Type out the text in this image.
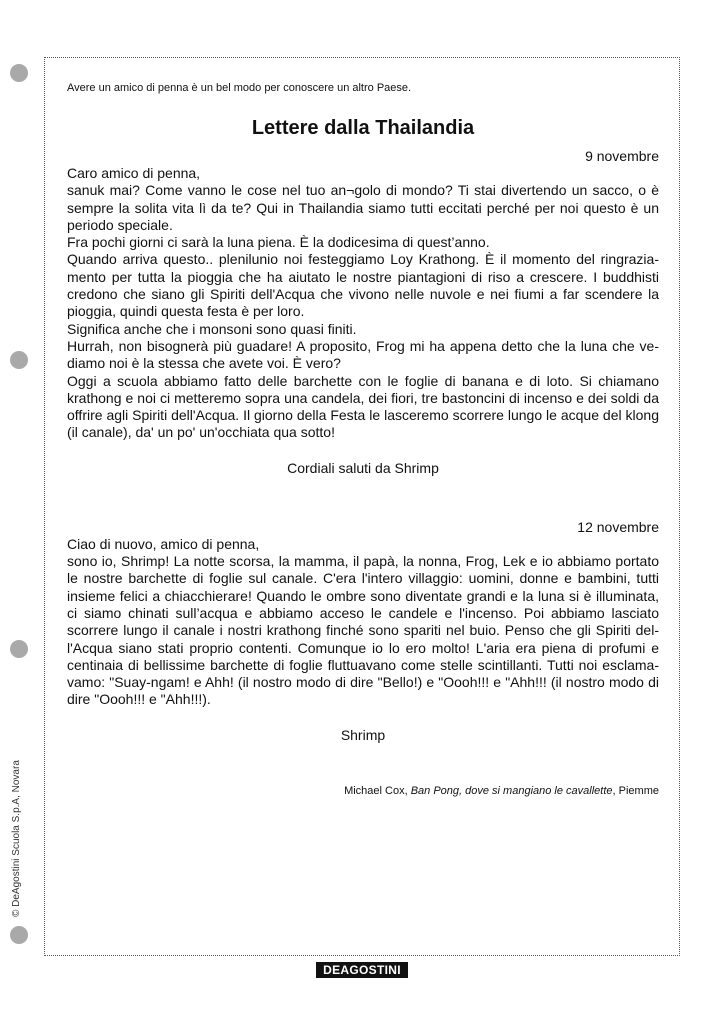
© DeAgostini Scuola S.p.A, Novara

Avere un amico di penna è un bel modo per conoscere un altro Paese.

Lettere dalla Thailandia
9 novembre

Caro amico di penna,

sanuk mai? Come vanno le cose nel tuo an¬golo di mondo? Ti stai divertendo un sacco, o è sempre la solita vita lì da te? Qui in Thailandia siamo tutti eccitati perché per noi questo è un periodo speciale.

Fra pochi giorni ci sarà la luna piena. È la dodicesima di quest’anno.

Quando arriva questo.. plenilunio noi festeggiamo Loy Krathong. È il momento del ringrazia-mento per tutta la pioggia che ha aiutato le nostre piantagioni di riso a crescere. I buddhisti credono che siano gli Spiriti dell'Acqua che vivono nelle nuvole e nei fiumi a far scendere la pioggia, quindi questa festa è per loro.

Significa anche che i monsoni sono quasi finiti.

Hurrah, non bisognerà più guadare! A proposito, Frog mi ha appena detto che la luna che ve-diamo noi è la stessa che avete voi. È vero?

Oggi a scuola abbiamo fatto delle barchette con le foglie di banana e di loto. Si chiamano krathong e noi ci metteremo sopra una candela, dei fiori, tre bastoncini di incenso e dei soldi da offrire agli Spiriti dell'Acqua. Il giorno della Festa le lasceremo scorrere lungo le acque del klong (il canale), da' un po' un'occhiata qua sotto!

Cordiali saluti da Shrimp
12 novembre

Ciao di nuovo, amico di penna,

sono io, Shrimp! La notte scorsa, la mamma, il papà, la nonna, Frog, Lek e io abbiamo portato le nostre barchette di foglie sul canale. C'era l'intero villaggio: uomini, donne e bambini, tutti insieme felici a chiacchierare! Quando le ombre sono diventate grandi e la luna si è illuminata, ci siamo chinati sull’acqua e abbiamo acceso le candele e l'incenso. Poi abbiamo lasciato scorrere lungo il canale i nostri krathong finché sono spariti nel buio. Penso che gli Spiriti del-l'Acqua siano stati proprio contenti. Comunque io lo ero molto! L'aria era piena di profumi e centinaia di bellissime barchette di foglie fluttuavano come stelle scintillanti. Tutti noi esclama-vamo: "Suay-ngam! e Ahh! (il nostro modo di dire "Bello!) e "Oooh!!! e "Ahh!!! (il nostro modo di dire "Oooh!!! e "Ahh!!!).

Shrimp
Michael Cox, Ban Pong, dove si mangiano le cavallette, Piemme
DEAGOSTINI
